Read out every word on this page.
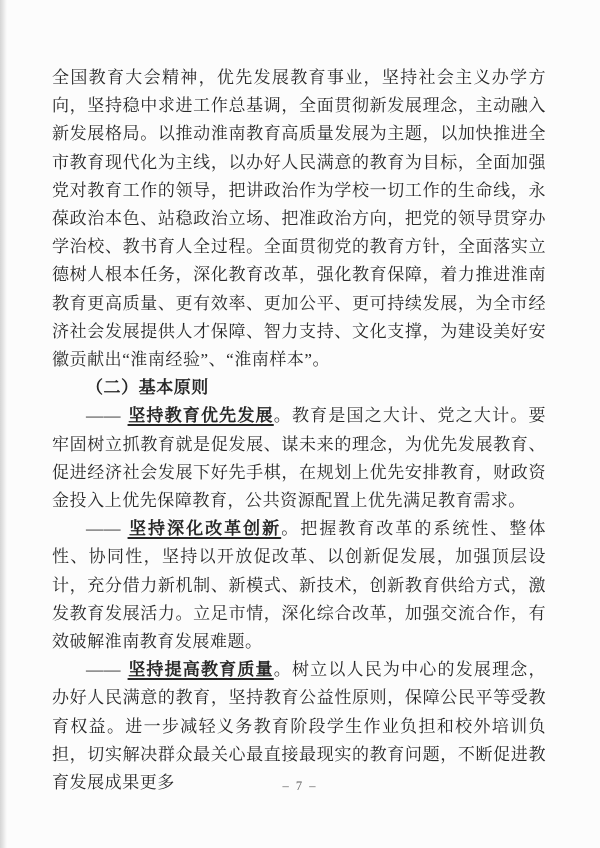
全国教育大会精神，优先发展教育事业，坚持社会主义办学方向，坚持稳中求进工作总基调，全面贯彻新发展理念，主动融入新发展格局。以推动淮南教育高质量发展为主题，以加快推进全市教育现代化为主线，以办好人民满意的教育为目标，全面加强党对教育工作的领导，把讲政治作为学校一切工作的生命线，永葆政治本色、站稳政治立场、把准政治方向，把党的领导贯穿办学治校、教书育人全过程。全面贯彻党的教育方针，全面落实立德树人根本任务，深化教育改革，强化教育保障，着力推进淮南教育更高质量、更有效率、更加公平、更可持续发展，为全市经济社会发展提供人才保障、智力支持、文化支撑，为建设美好安徽贡献出“淮南经验”、“淮南样本”。

（二）基本原则

—— 坚持教育优先发展。教育是国之大计、党之大计。要牢固树立抓教育就是促发展、谋未来的理念，为优先发展教育、促进经济社会发展下好先手棋，在规划上优先安排教育，财政资金投入上优先保障教育，公共资源配置上优先满足教育需求。

—— 坚持深化改革创新。把握教育改革的系统性、整体性、协同性，坚持以开放促改革、以创新促发展，加强顶层设计，充分借力新机制、新模式、新技术，创新教育供给方式，激发教育发展活力。立足市情，深化综合改革，加强交流合作，有效破解淮南教育发展难题。

—— 坚持提高教育质量。树立以人民为中心的发展理念，办好人民满意的教育，坚持教育公益性原则，保障公民平等受教育权益。进一步减轻义务教育阶段学生作业负担和校外培训负担，切实解决群众最关心最直接最现实的教育问题，不断促进教育发展成果更多	– 7 –
